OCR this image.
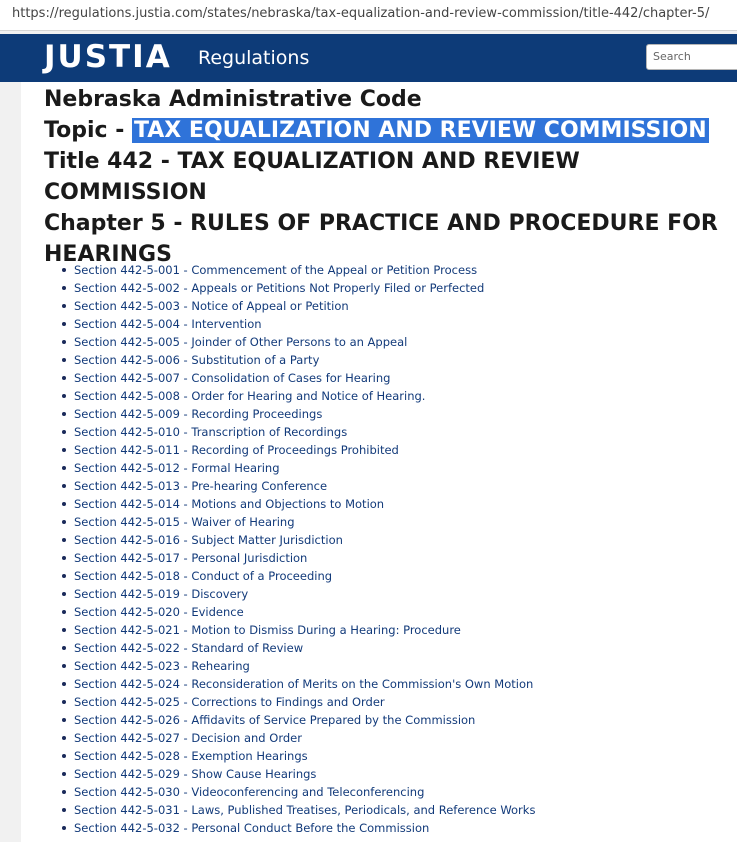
https://regulations.justia.com/states/nebraska/tax-equalization-and-review-commission/title-442/chapter-5/
JUSTIA Regulations	Search
Nebraska Administrative Code
Topic - TAX EQUALIZATION AND REVIEW COMMISSION
Title 442 - TAX EQUALIZATION AND REVIEW COMMISSION
Chapter 5 - RULES OF PRACTICE AND PROCEDURE FOR
HEARINGS
Section 442-5-001 - Commencement of the Appeal or Petition Process
Section 442-5-002 - Appeals or Petitions Not Properly Filed or Perfected
Section 442-5-003 - Notice of Appeal or Petition
Section 442-5-004 - Intervention
Section 442-5-005 - Joinder of Other Persons to an Appeal
Section 442-5-006 - Substitution of a Party
Section 442-5-007 - Consolidation of Cases for Hearing
Section 442-5-008 - Order for Hearing and Notice of Hearing.
Section 442-5-009 - Recording Proceedings
Section 442-5-010 - Transcription of Recordings
Section 442-5-011 - Recording of Proceedings Prohibited
Section 442-5-012 - Formal Hearing
Section 442-5-013 - Pre-hearing Conference
Section 442-5-014 - Motions and Objections to Motion
Section 442-5-015 - Waiver of Hearing
Section 442-5-016 - Subject Matter Jurisdiction
Section 442-5-017 - Personal Jurisdiction
Section 442-5-018 - Conduct of a Proceeding
Section 442-5-019 - Discovery
Section 442-5-020 - Evidence
Section 442-5-021 - Motion to Dismiss During a Hearing: Procedure
Section 442-5-022 - Standard of Review
Section 442-5-023 - Rehearing
Section 442-5-024 - Reconsideration of Merits on the Commission's Own Motion
Section 442-5-025 - Corrections to Findings and Order
Section 442-5-026 - Affidavits of Service Prepared by the Commission
Section 442-5-027 - Decision and Order
Section 442-5-028 - Exemption Hearings
Section 442-5-029 - Show Cause Hearings
Section 442-5-030 - Videoconferencing and Teleconferencing
Section 442-5-031 - Laws, Published Treatises, Periodicals, and Reference Works
Section 442-5-032 - Personal Conduct Before the Commission
